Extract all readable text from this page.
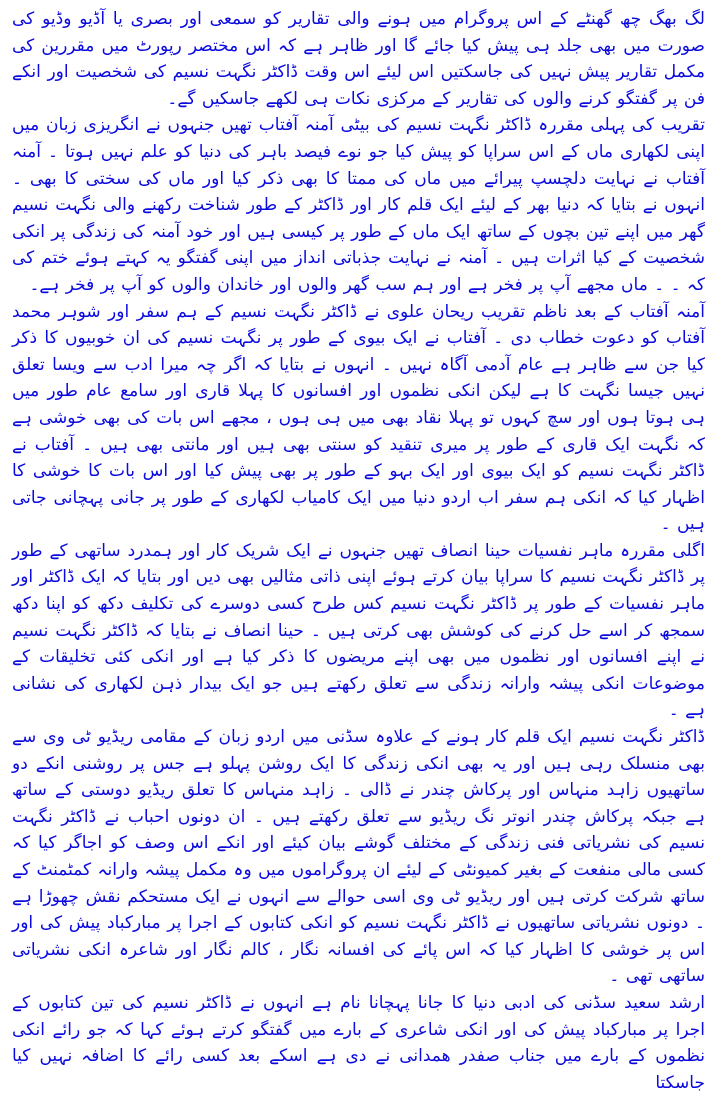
لگ بھگ چھ گھنٹے کے اس پروگرام میں ہونے والی تقاریر کو سمعی اور بصری یا آڈیو وڈیو کی صورت میں بھی جلد ہی پیش کیا جائے گا اور ظاہر ہے کہ اس مختصر رپورٹ میں مقررین کی مکمل تقاریر پیش نہیں کی جاسکتیں اس لیئے اس وقت ڈاکٹر نگہت نسیم کی شخصیت اور انکے فن پر گفتگو کرنے والوں کی تقاریر کے مرکزی نکات ہی لکھے جاسکیں گے۔

تقریب کی پہلی مقررہ ڈاکٹر نگہت نسیم کی بیٹی آمنہ آفتاب تھیں جنہوں نے انگریزی زبان میں اپنی لکھاری ماں کے اس سراپا کو پیش کیا جو نوے فیصد باہر کی دنیا کو علم نہیں ہوتا ۔ آمنہ آفتاب نے نہایت دلچسپ پیرائے میں ماں کی ممتا کا بھی ذکر کیا اور ماں کی سختی کا بھی ۔ انہوں نے بتایا کہ دنیا بھر کے لیئے ایک قلم کار اور ڈاکٹر کے طور شناخت رکھنے والی نگہت نسیم گھر میں اپنے تین بچوں کے ساتھ ایک ماں کے طور پر کیسی ہیں اور خود آمنہ کی زندگی پر انکی شخصیت کے کیا اثرات ہیں ۔ آمنہ نے نہایت جذباتی انداز میں اپنی گفتگو یہ کہتے ہوئے ختم کی کہ ۔ ۔ ماں مجھے آپ پر فخر ہے اور ہم سب گھر والوں اور خاندان والوں کو آپ پر فخر ہے۔

آمنہ آفتاب کے بعد ناظم تقریب ریحان علوی نے ڈاکٹر نگہت نسیم کے ہم سفر اور شوہر محمد آفتاب کو دعوت خطاب دی ۔ آفتاب نے ایک بیوی کے طور پر نگہت نسیم کی ان خوبیوں کا ذکر کیا جن سے ظاہر ہے عام آدمی آگاہ نہیں ۔ انہوں نے بتایا کہ اگر چہ میرا ادب سے ویسا تعلق نہیں جیسا نگہت کا ہے لیکن انکی نظموں اور افسانوں کا پہلا قاری اور سامع عام طور میں ہی ہوتا ہوں اور سچ کہوں تو پہلا نقاد بھی میں ہی ہوں ، مجھے اس بات کی بھی خوشی ہے کہ نگہت ایک قاری کے طور پر میری تنقید کو سنتی بھی ہیں اور مانتی بھی ہیں ۔ آفتاب نے ڈاکٹر نگہت نسیم کو ایک بیوی اور ایک بہو کے طور پر بھی پیش کیا اور اس بات کا خوشی کا اظہار کیا کہ انکی ہم سفر اب اردو دنیا میں ایک کامیاب لکھاری کے طور پر جانی پہچانی جاتی ہیں ۔

اگلی مقررہ ماہر نفسیات حینا انصاف تھیں جنہوں نے ایک شریک کار اور ہمدرد ساتھی کے طور پر ڈاکٹر نگہت نسیم کا سراپا بیان کرتے ہوئے اپنی ذاتی مثالیں بھی دیں اور بتایا کہ ایک ڈاکٹر اور ماہر نفسیات کے طور پر ڈاکٹر نگہت نسیم کس طرح کسی دوسرے کی تکلیف دکھ کو اپنا دکھ سمجھ کر اسے حل کرنے کی کوشش بھی کرتی ہیں ۔ حینا انصاف نے بتایا کہ ڈاکٹر نگہت نسیم نے اپنے افسانوں اور نظموں میں بھی اپنے مریضوں کا ذکر کیا ہے اور انکی کئی تخلیقات کے موضوعات انکی پیشہ وارانہ زندگی سے تعلق رکھتے ہیں جو ایک بیدار ذہن لکھاری کی نشانی ہے ۔

ڈاکٹر نگہت نسیم ایک قلم کار ہونے کے علاوہ سڈنی میں اردو زبان کے مقامی ریڈیو ٹی وی سے بھی منسلک رہی ہیں اور یہ بھی انکی زندگی کا ایک روشن پہلو ہے جس پر روشنی انکے دو ساتھیوں زاہد منہاس اور پرکاش چندر نے ڈالی ۔ زاہد منہاس کا تعلق ریڈیو دوستی کے ساتھ ہے جبکہ پرکاش چندر انوتر نگ ریڈیو سے تعلق رکھتے ہیں ۔ ان دونوں احباب نے ڈاکٹر نگہت نسیم کی نشریاتی فنی زندگی کے مختلف گوشے بیان کیئے اور انکے اس وصف کو اجاگر کیا کہ کسی مالی منفعت کے بغیر کمیونٹی کے لیئے ان پروگراموں میں وہ مکمل پیشہ وارانہ کمٹمنٹ کے ساتھ شرکت کرتی ہیں اور ریڈیو ٹی وی اسی حوالے سے انہوں نے ایک مستحکم نقش چھوڑا ہے ۔ دونوں نشریاتی ساتھیوں نے ڈاکٹر نگہت نسیم کو انکی کتابوں کے اجرا پر مبارکباد پیش کی اور اس پر خوشی کا اظہار کیا کہ اس پائے کی افسانہ نگار ، کالم نگار اور شاعرہ انکی نشریاتی ساتھی تھی ۔

ارشد سعید سڈنی کی ادبی دنیا کا جانا پہچانا نام ہے انہوں نے ڈاکٹر نسیم کی تین کتابوں کے اجرا پر مبارکباد پیش کی اور انکی شاعری کے بارے میں گفتگو کرتے ہوئے کہا کہ جو رائے انکی نظموں کے بارے میں جناب صفدر ھمدانی نے دی ہے اسکے بعد کسی رائے کا اضافہ نہیں کیا جاسکتا
